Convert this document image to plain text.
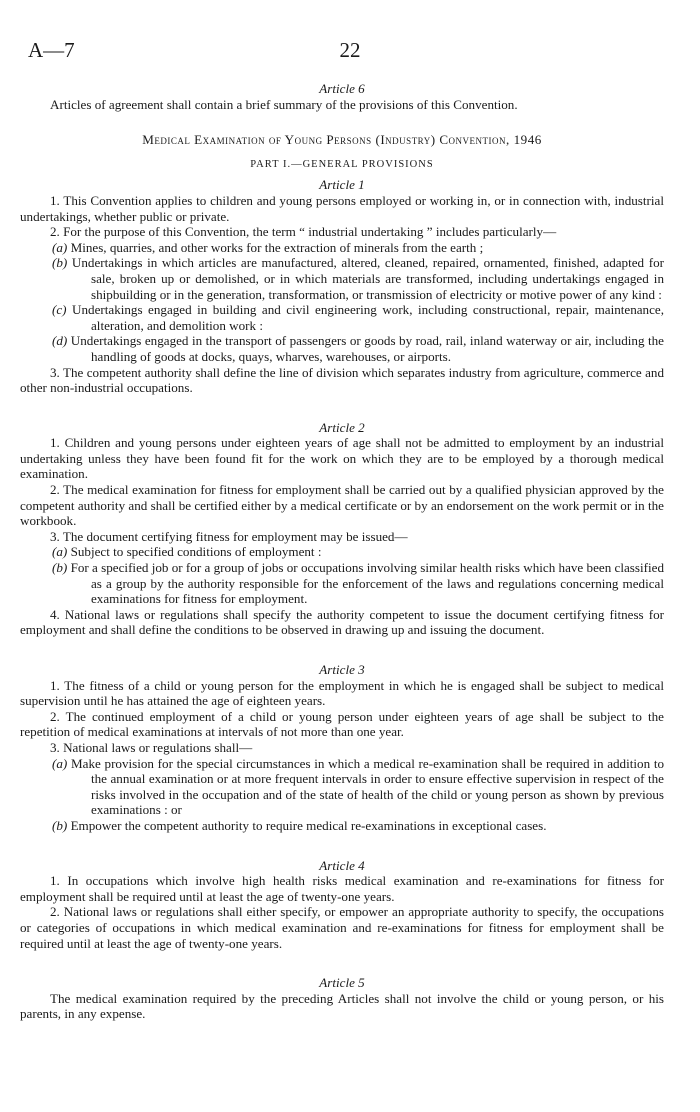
A—7	22
Article 6

Articles of agreement shall contain a brief summary of the provisions of this Convention.

Medical Examination of Young Persons (Industry) Convention, 1946
PART I.—GENERAL PROVISIONS
Article 1

1. This Convention applies to children and young persons employed or working in, or in connection with, industrial undertakings, whether public or private.

2. For the purpose of this Convention, the term “ industrial undertaking ” includes particularly—

(a) Mines, quarries, and other works for the extraction of minerals from the earth ;

(b) Undertakings in which articles are manufactured, altered, cleaned, repaired, ornamented, finished, adapted for sale, broken up or demolished, or in which materials are transformed, including undertakings engaged in shipbuilding or in the generation, transformation, or transmission of electricity or motive power of any kind :

(c) Undertakings engaged in building and civil engineering work, including constructional, repair, maintenance, alteration, and demolition work :

(d) Undertakings engaged in the transport of passengers or goods by road, rail, inland waterway or air, including the handling of goods at docks, quays, wharves, warehouses, or airports.

3. The competent authority shall define the line of division which separates industry from agriculture, commerce and other non-industrial occupations.

Article 2

1. Children and young persons under eighteen years of age shall not be admitted to employment by an industrial undertaking unless they have been found fit for the work on which they are to be employed by a thorough medical examination.

2. The medical examination for fitness for employment shall be carried out by a qualified physician approved by the competent authority and shall be certified either by a medical certificate or by an endorsement on the work permit or in the workbook.

3. The document certifying fitness for employment may be issued—

(a) Subject to specified conditions of employment :

(b) For a specified job or for a group of jobs or occupations involving similar health risks which have been classified as a group by the authority responsible for the enforcement of the laws and regulations concerning medical examinations for fitness for employment.

4. National laws or regulations shall specify the authority competent to issue the document certifying fitness for employment and shall define the conditions to be observed in drawing up and issuing the document.

Article 3

1. The fitness of a child or young person for the employment in which he is engaged shall be subject to medical supervision until he has attained the age of eighteen years.

2. The continued employment of a child or young person under eighteen years of age shall be subject to the repetition of medical examinations at intervals of not more than one year.

3. National laws or regulations shall—

(a) Make provision for the special circumstances in which a medical re-examination shall be required in addition to the annual examination or at more frequent intervals in order to ensure effective supervision in respect of the risks involved in the occupation and of the state of health of the child or young person as shown by previous examinations : or

(b) Empower the competent authority to require medical re-examinations in exceptional cases.

Article 4

1. In occupations which involve high health risks medical examination and re-examinations for fitness for employment shall be required until at least the age of twenty-one years.

2. National laws or regulations shall either specify, or empower an appropriate authority to specify, the occupations or categories of occupations in which medical examination and re-examinations for fitness for employment shall be required until at least the age of twenty-one years.

Article 5

The medical examination required by the preceding Articles shall not involve the child or young person, or his parents, in any expense.
